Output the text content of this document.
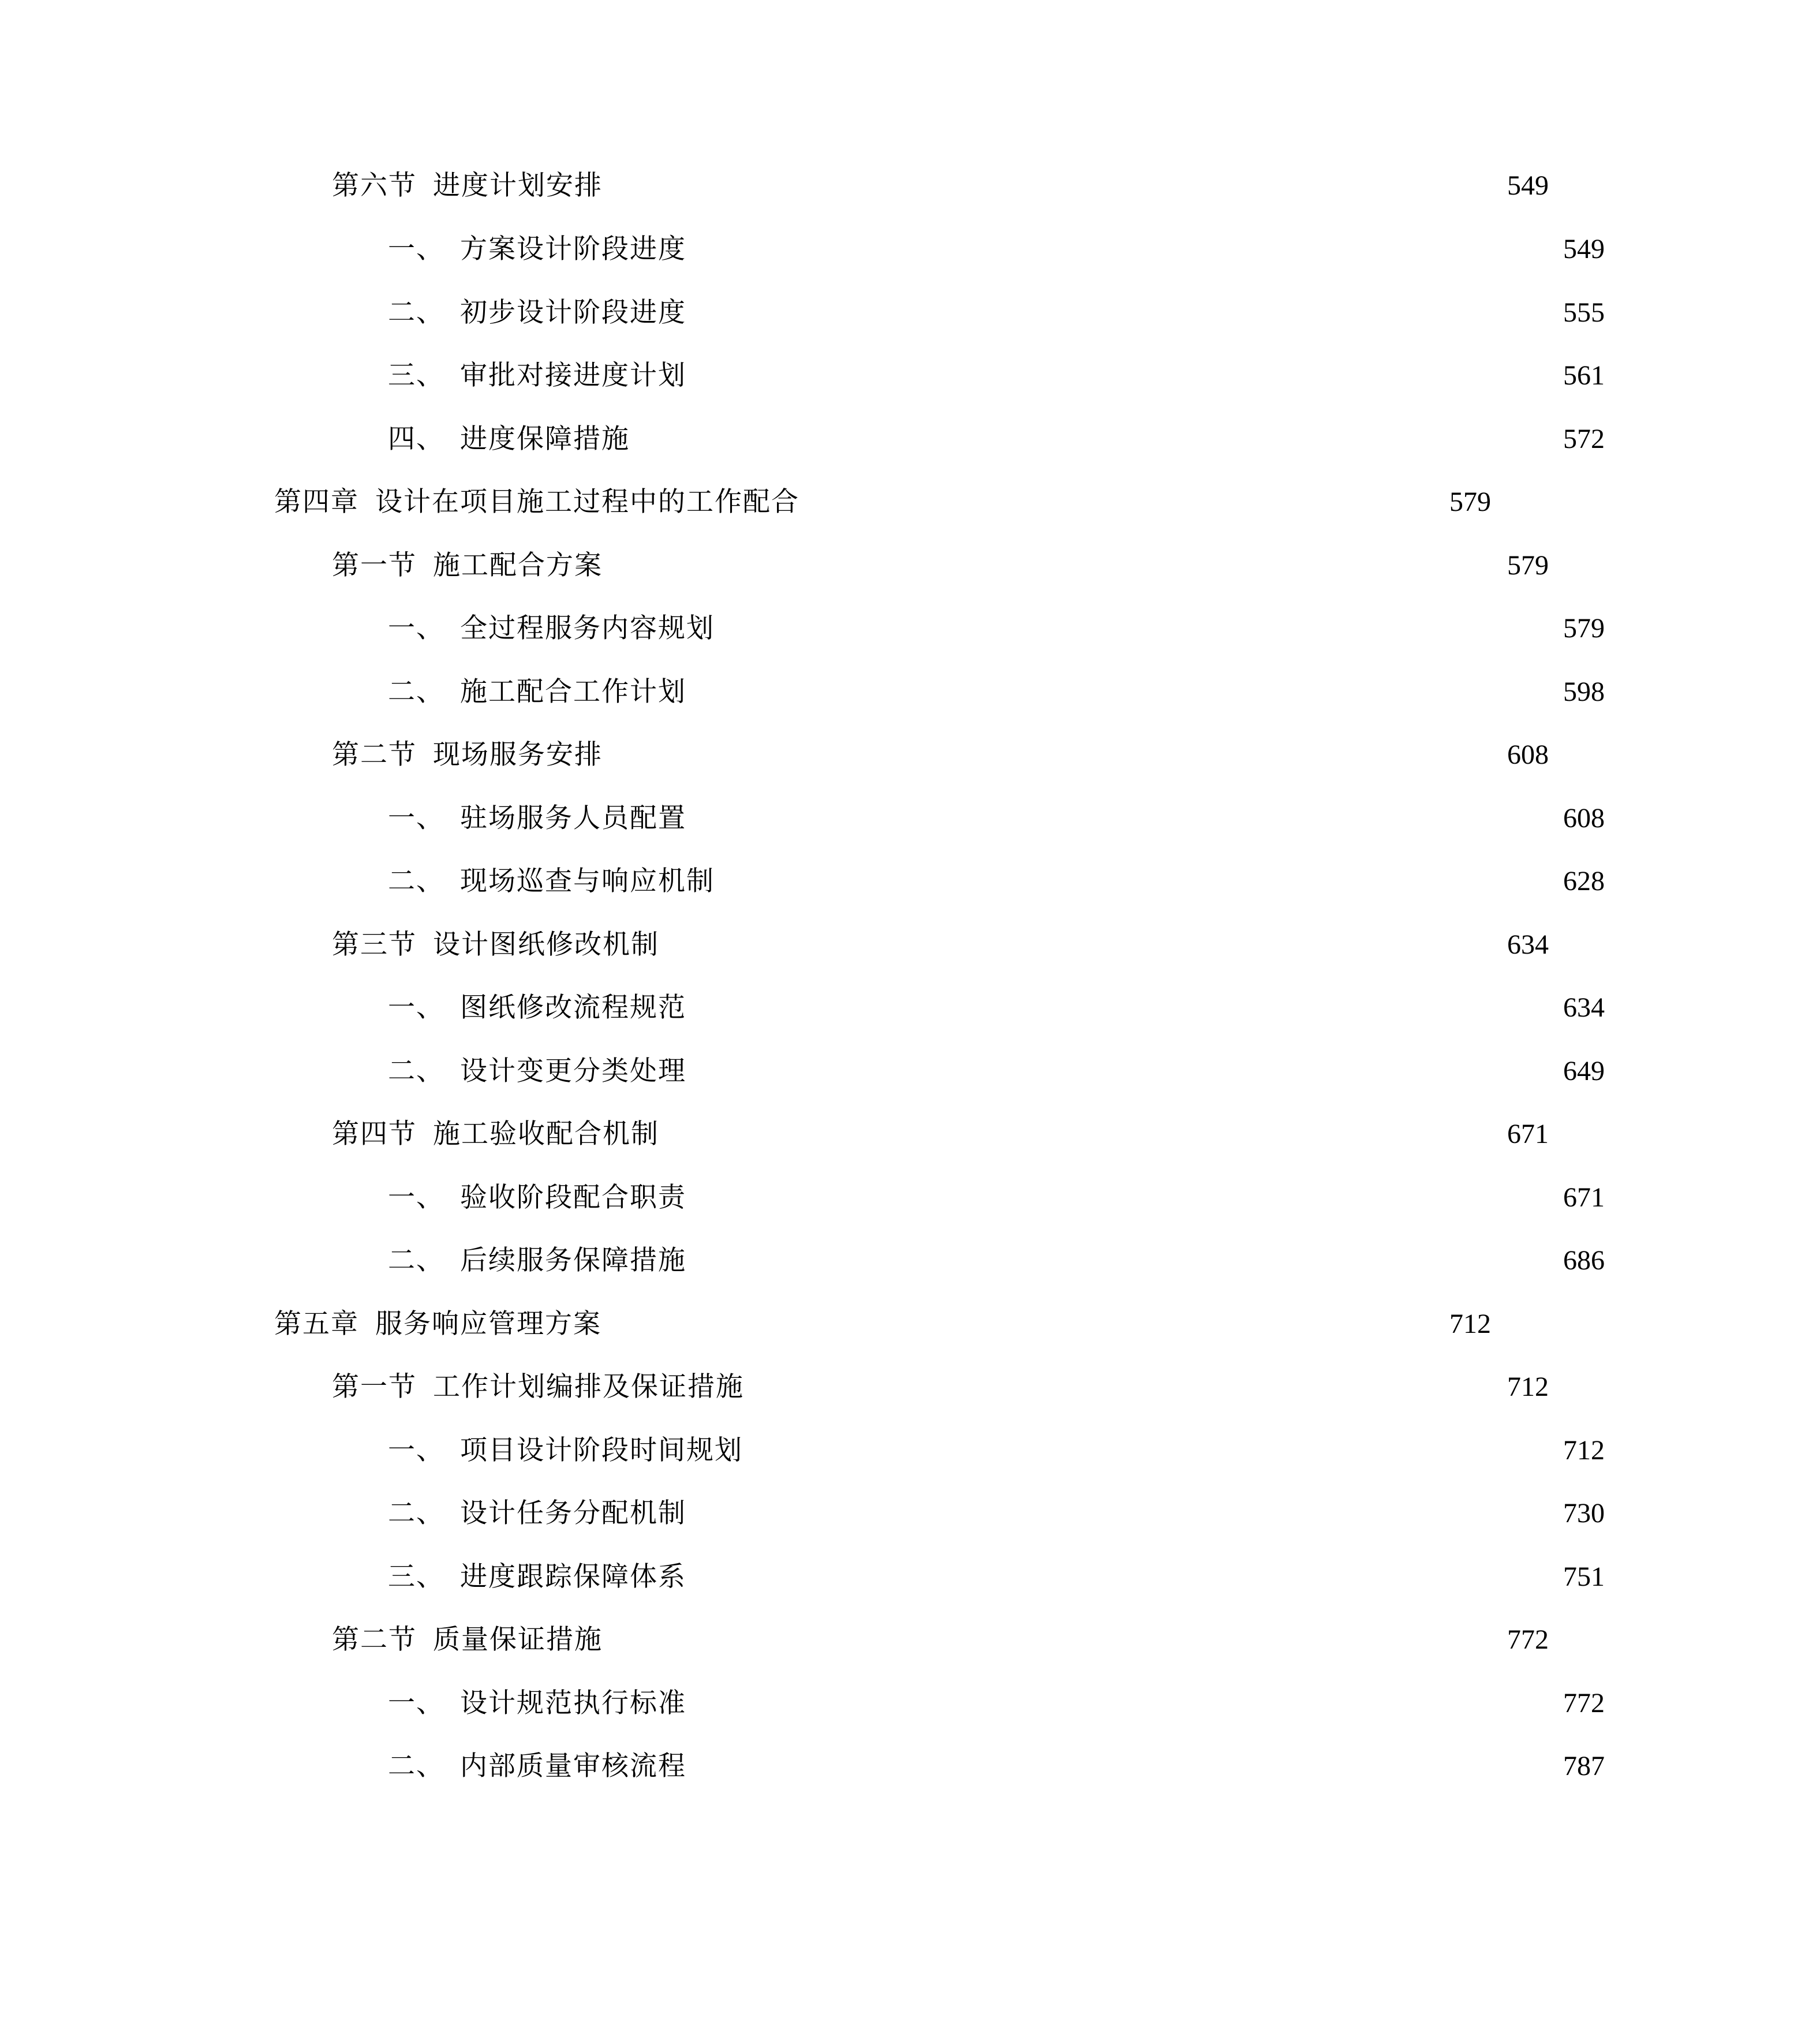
第六节 进度计划安排	549
一、 方案设计阶段进度	549
二、 初步设计阶段进度	555
三、 审批对接进度计划	561
四、 进度保障措施	572
第四章 设计在项目施工过程中的工作配合	579
第一节 施工配合方案	579
一、 全过程服务内容规划	579
二、 施工配合工作计划	598
第二节 现场服务安排	608
一、 驻场服务人员配置	608
二、 现场巡查与响应机制	628
第三节 设计图纸修改机制	634
一、 图纸修改流程规范	634
二、 设计变更分类处理	649
第四节 施工验收配合机制	671
一、 验收阶段配合职责	671
二、 后续服务保障措施	686
第五章 服务响应管理方案	712
第一节 工作计划编排及保证措施	712
一、 项目设计阶段时间规划	712
二、 设计任务分配机制	730
三、 进度跟踪保障体系	751
第二节 质量保证措施	772
一、 设计规范执行标准	772
二、 内部质量审核流程	787
